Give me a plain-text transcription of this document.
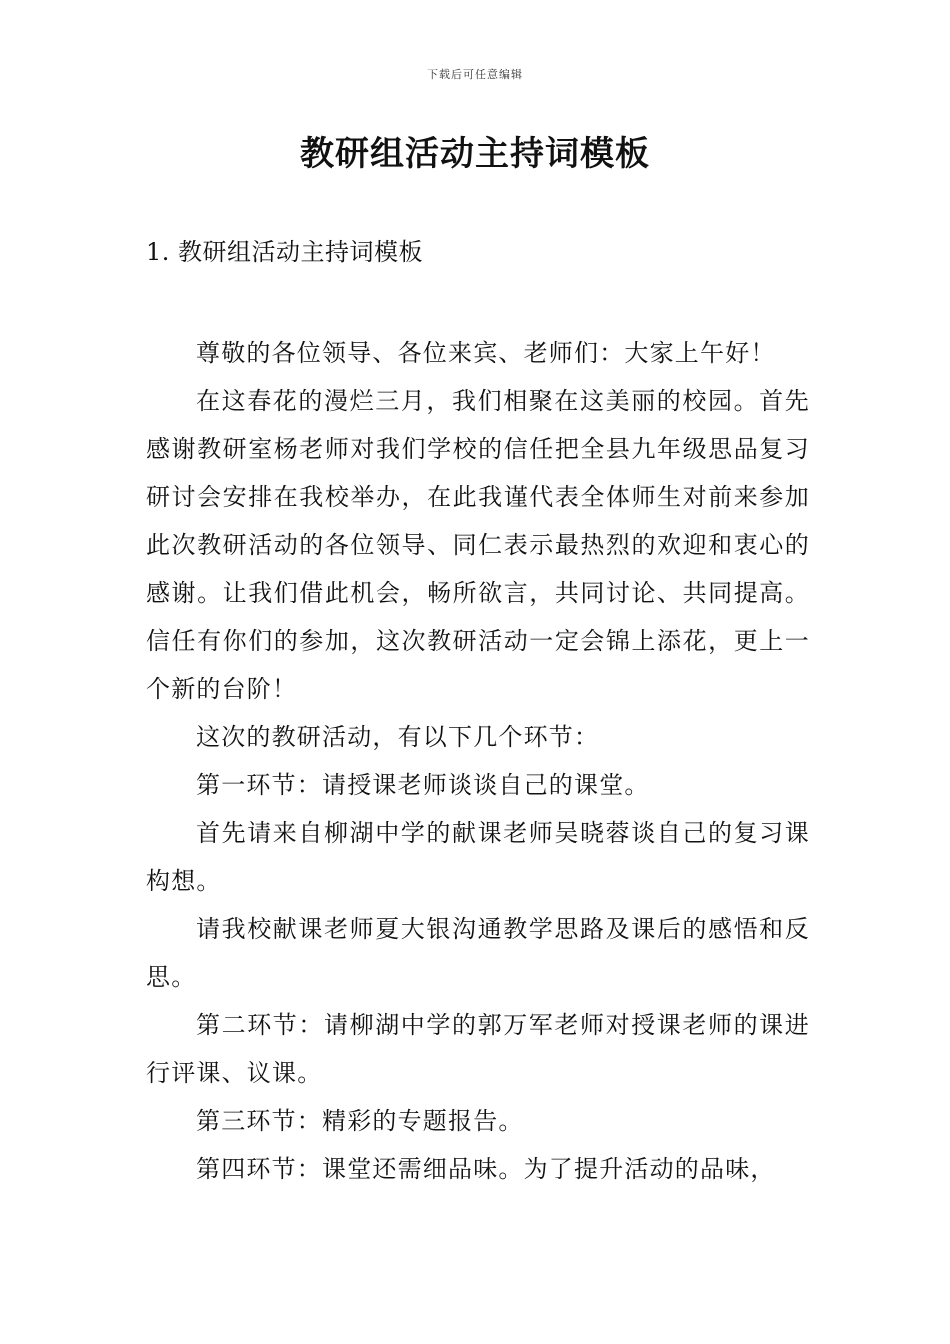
下载后可任意编辑
教研组活动主持词模板
1. 教研组活动主持词模板

尊敬的各位领导、各位来宾、老师们：大家上午好！

在这春花的漫烂三月，我们相聚在这美丽的校园。首先感谢教研室杨老师对我们学校的信任把全县九年级思品复习研讨会安排在我校举办，在此我谨代表全体师生对前来参加此次教研活动的各位领导、同仁表示最热烈的欢迎和衷心的感谢。让我们借此机会，畅所欲言，共同讨论、共同提高。信任有你们的参加，这次教研活动一定会锦上添花，更上一个新的台阶！

这次的教研活动，有以下几个环节：

第一环节：请授课老师谈谈自己的课堂。

首先请来自柳湖中学的献课老师吴晓蓉谈自己的复习课构想。

请我校献课老师夏大银沟通教学思路及课后的感悟和反思。

第二环节：请柳湖中学的郭万军老师对授课老师的课进行评课、议课。

第三环节：精彩的专题报告。

第四环节：课堂还需细品味。为了提升活动的品味，
